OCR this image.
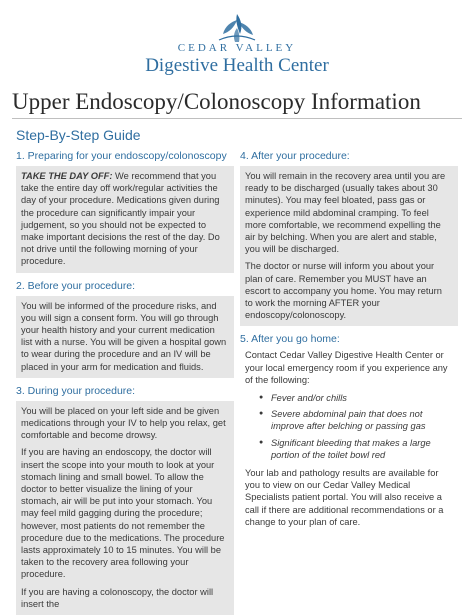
CEDAR VALLEY
Digestive Health Center
Upper Endoscopy/Colonoscopy Information
Step-By-Step Guide
1. Preparing for your endoscopy/colonoscopy

TAKE THE DAY OFF: We recommend that you take the entire day off work/regular activities the day of your procedure. Medications given during the procedure can significantly impair your judgement, so you should not be expected to make important decisions the rest of the day. Do not drive until the following morning of your procedure.

2. Before your procedure:

You will be informed of the procedure risks, and you will sign a consent form. You will go through your health history and your current medication list with a nurse. You will be given a hospital gown to wear during the procedure and an IV will be placed in your arm for medication and fluids.

3. During your procedure:

You will be placed on your left side and be given medications through your IV to help you relax, get comfortable and become drowsy.

If you are having an endoscopy, the doctor will insert the scope into your mouth to look at your stomach lining and small bowel. To allow the doctor to better visualize the lining of your stomach, air will be put into your stomach. You may feel mild gagging during the procedure; however, most patients do not remember the procedure due to the medications. The procedure lasts approximately 10 to 15 minutes. You will be taken to the recovery area following your procedure.

If you are having a colonoscopy, the doctor will insert the

4. After your procedure:

You will remain in the recovery area until you are ready to be discharged (usually takes about 30 minutes). You may feel bloated, pass gas or experience mild abdominal cramping. To feel more comfortable, we recommend expelling the air by belching. When you are alert and stable, you will be discharged.

The doctor or nurse will inform you about your plan of care. Remember you MUST have an escort to accompany you home. You may return to work the morning AFTER your endoscopy/colonoscopy.

5. After you go home:

Contact Cedar Valley Digestive Health Center or your local emergency room if you experience any of the following:

● Fever and/or chills
● Severe abdominal pain that does not improve after belching or passing gas
● Significant bleeding that makes a large portion of the toilet bowl red

Your lab and pathology results are available for you to view on our Cedar Valley Medical Specialists patient portal. You will also receive a call if there are additional recommendations or a change to your plan of care.
